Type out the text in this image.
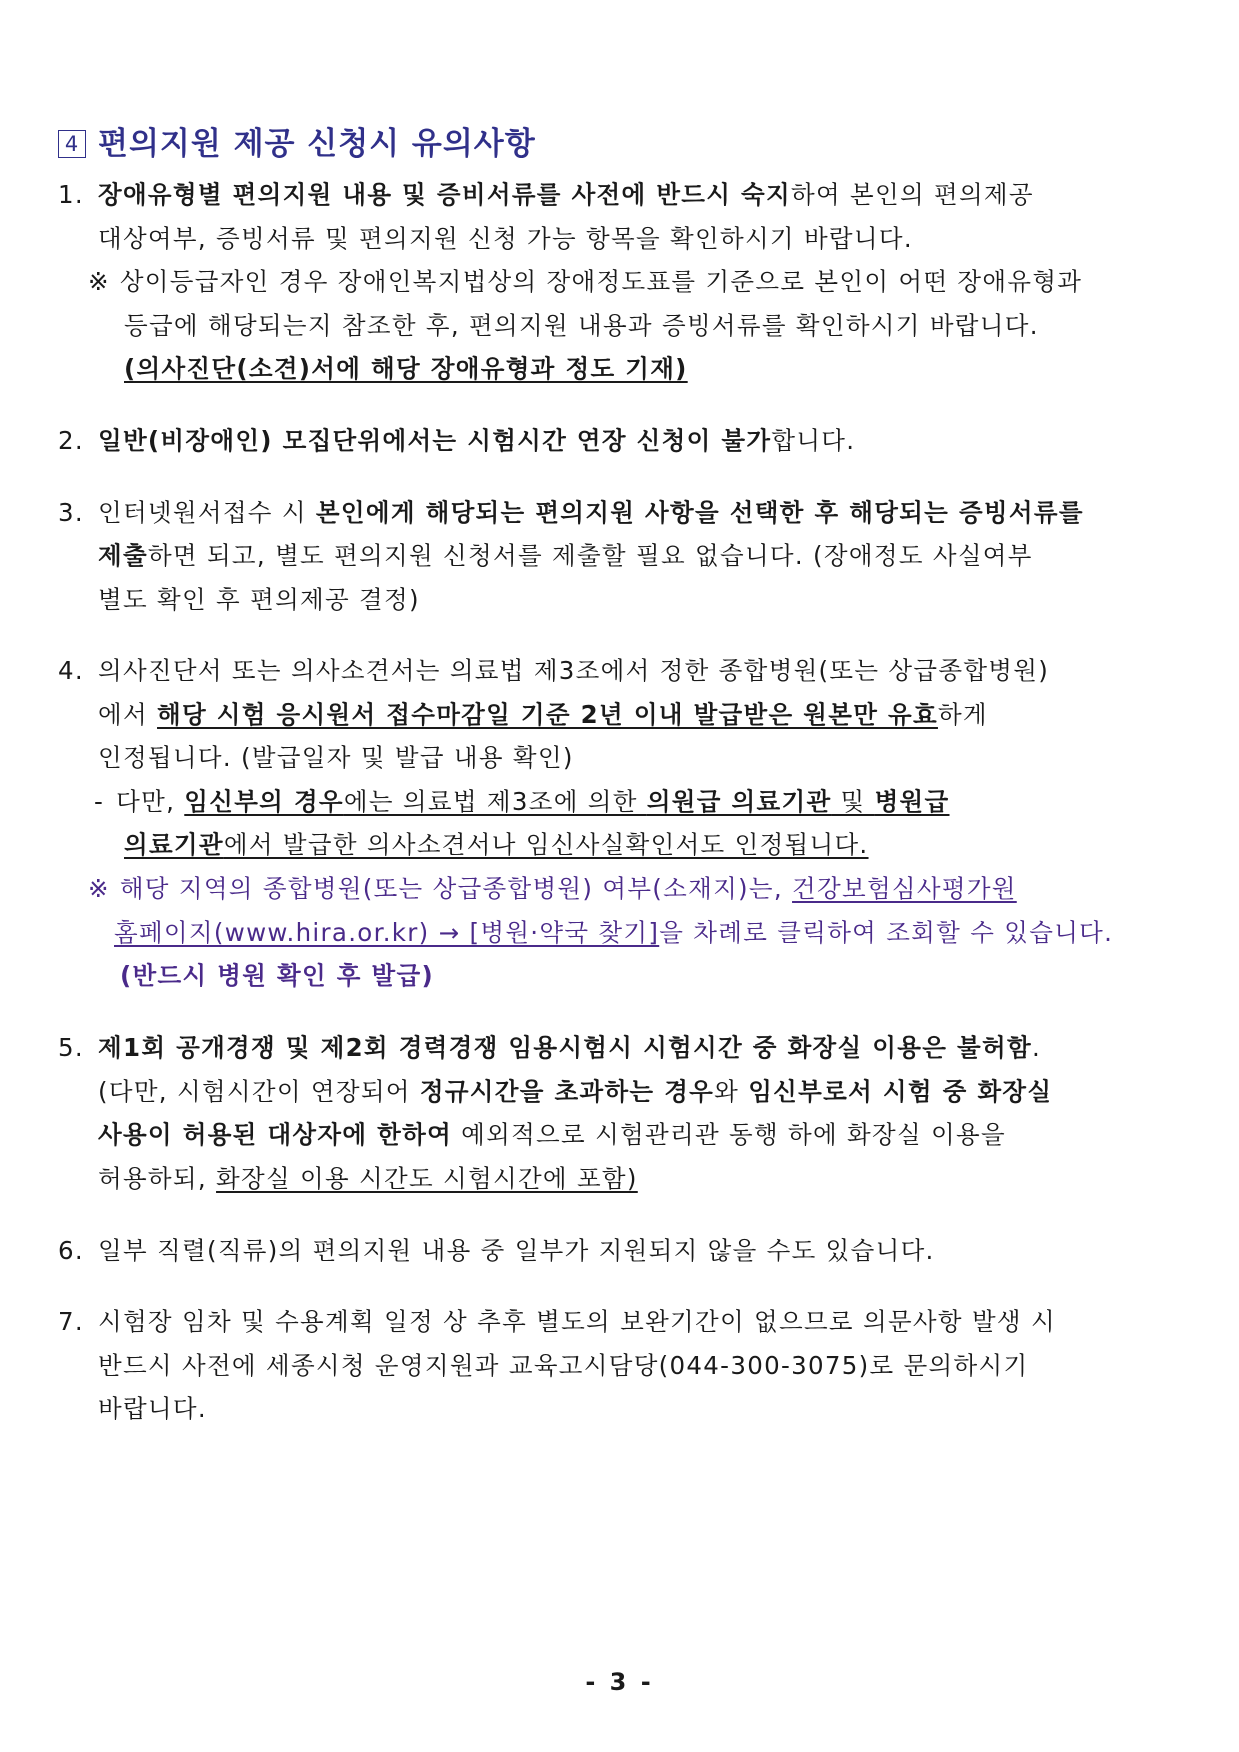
4 편의지원 제공 신청시 유의사항
1. 장애유형별 편의지원 내용 및 증비서류를 사전에 반드시 숙지하여 본인의 편의제공
대상여부, 증빙서류 및 편의지원 신청 가능 항목을 확인하시기 바랍니다.
※ 상이등급자인 경우 장애인복지법상의 장애정도표를 기준으로 본인이 어떤 장애유형과
등급에 해당되는지 참조한 후, 편의지원 내용과 증빙서류를 확인하시기 바랍니다.
(의사진단(소견)서에 해당 장애유형과 정도 기재)
2. 일반(비장애인) 모집단위에서는 시험시간 연장 신청이 불가합니다.
3. 인터넷원서접수 시 본인에게 해당되는 편의지원 사항을 선택한 후 해당되는 증빙서류를
제출하면 되고, 별도 편의지원 신청서를 제출할 필요 없습니다. (장애정도 사실여부
별도 확인 후 편의제공 결정)
4. 의사진단서 또는 의사소견서는 의료법 제3조에서 정한 종합병원(또는 상급종합병원)
에서 해당 시험 응시원서 접수마감일 기준 2년 이내 발급받은 원본만 유효하게
인정됩니다. (발급일자 및 발급 내용 확인)
- 다만, 임신부의 경우에는 의료법 제3조에 의한 의원급 의료기관 및 병원급
의료기관에서 발급한 의사소견서나 임신사실확인서도 인정됩니다.
※ 해당 지역의 종합병원(또는 상급종합병원) 여부(소재지)는, 건강보험심사평가원
홈페이지(www.hira.or.kr) → [병원·약국 찾기]을 차례로 클릭하여 조회할 수 있습니다.
(반드시 병원 확인 후 발급)
5. 제1회 공개경쟁 및 제2회 경력경쟁 임용시험시 시험시간 중 화장실 이용은 불허함.
(다만, 시험시간이 연장되어 정규시간을 초과하는 경우와 임신부로서 시험 중 화장실
사용이 허용된 대상자에 한하여 예외적으로 시험관리관 동행 하에 화장실 이용을
허용하되, 화장실 이용 시간도 시험시간에 포함)
6. 일부 직렬(직류)의 편의지원 내용 중 일부가 지원되지 않을 수도 있습니다.
7. 시험장 임차 및 수용계획 일정 상 추후 별도의 보완기간이 없으므로 의문사항 발생 시
반드시 사전에 세종시청 운영지원과 교육고시담당(044-300-3075)로 문의하시기
바랍니다.
- 3 -
